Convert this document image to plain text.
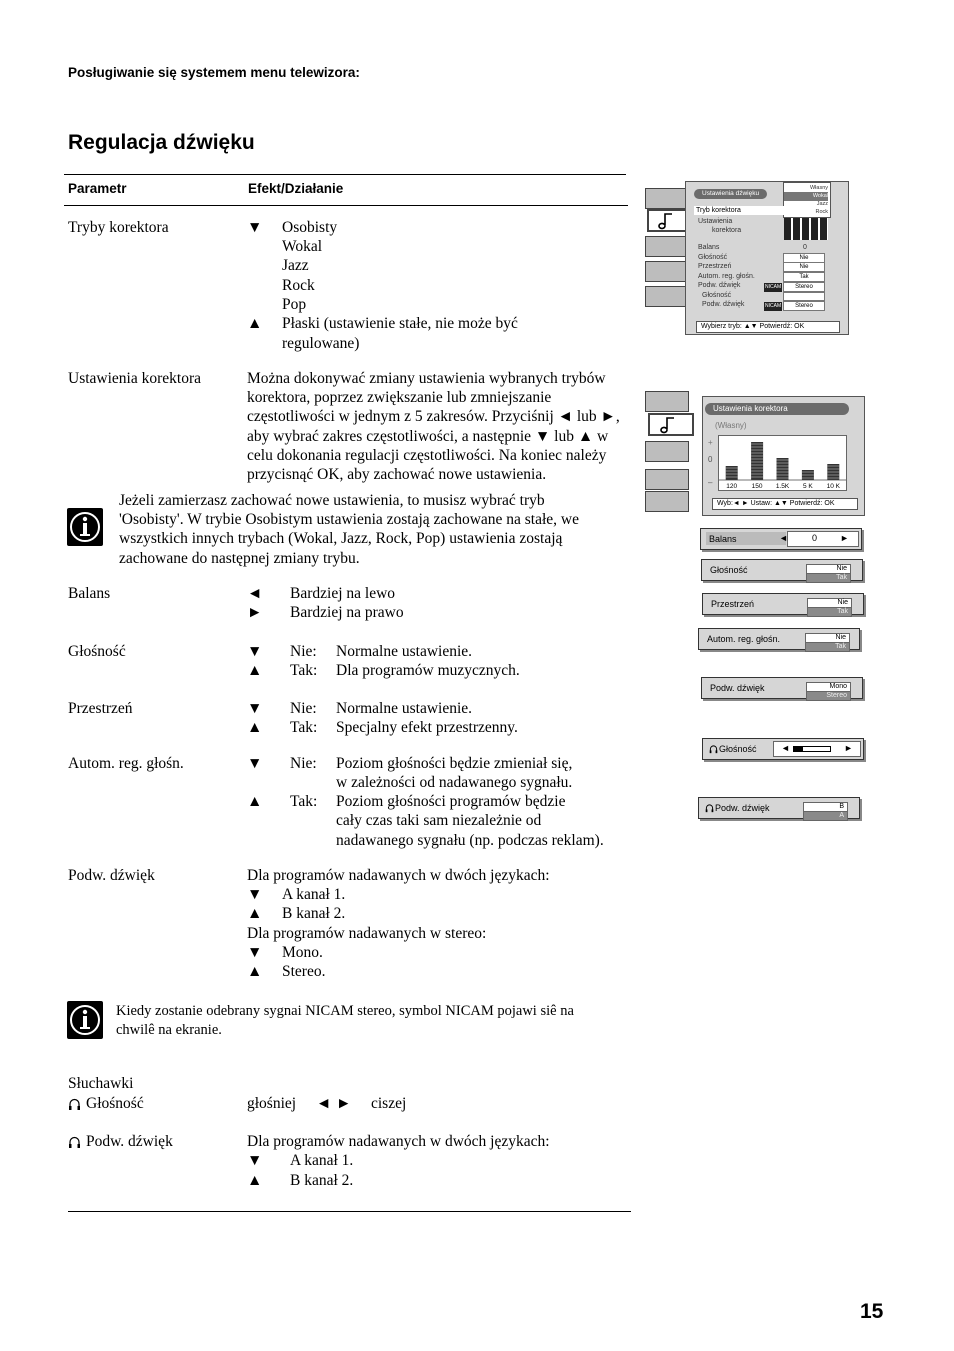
Posługiwanie się systemem menu telewizora:
Regulacja dźwięku
Parametr	Efekt/Działanie
Tryby korektora	▼ Osobisty
Wokal
Jazz
Rock
Pop
▲ Płaski (ustawienie stałe, nie może być
regulowane)
Ustawienia korektora	Można dokonywać zmiany ustawienia wybranych trybów
korektora, poprzez zwiększanie lub zmniejszanie
częstotliwości w jednym z 5 zakresów. Przyciśnij ◄ lub ►,
aby wybrać zakres częstotliwości, a następnie ▼ lub ▲ w
celu dokonania regulacji częstotliwości. Na koniec należy
przycisnąć OK, aby zachować nowe ustawienia.
Jeżeli zamierzasz zachować nowe ustawienia, to musisz wybrać tryb
'Osobisty'. W trybie Osobistym ustawienia zostają zachowane na stałe, we
wszystkich innych trybach (Wokal, Jazz, Rock, Pop) ustawienia zostają
zachowane do następnej zmiany trybu.
Balans	◄ Bardziej na lewo
► Bardziej na prawo
Głośność	▼ Nie: Normalne ustawienie.
▲ Tak: Dla programów muzycznych.
Przestrzeń	▼ Nie: Normalne ustawienie.
▲ Tak: Specjalny efekt przestrzenny.
Autom. reg. głośn.	▼ Nie: Poziom głośności będzie zmieniał się,
w zależności od nadawanego sygnału.
▲ Tak: Poziom głośności programów będzie
cały czas taki sam niezależnie od
nadawanego sygnału (np. podczas reklam).
Podw. dźwięk	Dla programów nadawanych w dwóch językach:
▼ A kanał 1.
▲ B kanał 2.
Dla programów nadawanych w stereo:
▼ Mono.
▲ Stereo.
Kiedy zostanie odebrany sygnai NICAM stereo, symbol NICAM pojawi siê na
chwilê na ekranie.
Słuchawki
Głośność	głośniej ◄ ► ciszej
Podw. dźwięk	Dla programów nadawanych w dwóch językach:
▼ A kanał 1.
▲ B kanał 2.
15
Ustawienia dźwięku
Własny
Wokal
Jazz
Rock
Tryb korektora
Ustawienia
korektora
Balans
Głośność
Przestrzeń
Autom. reg. głośn.
Podw. dźwięk
Głośność
Podw. dźwięk
0
Nie
Nie
Tak
Stereo
Stereo
NICAM
NICAM
Wybierz tryb: ▲▼ Potwierdź: OK
Ustawienia korektora
(Własny)
+
0
– 120 150 1.5K 5 K 10 K
Wyb:◄ ► Ustaw: ▲▼ Potwierdź: OK
Balans	◄	0	►
Głośność	Nie
Tak
Przestrzeń	Nie
Tak
Autom. reg. głośn.	Nie
Tak
Podw. dźwięk	Mono
Stereo
Głośność	◄	►
Podw. dźwięk	B
A
